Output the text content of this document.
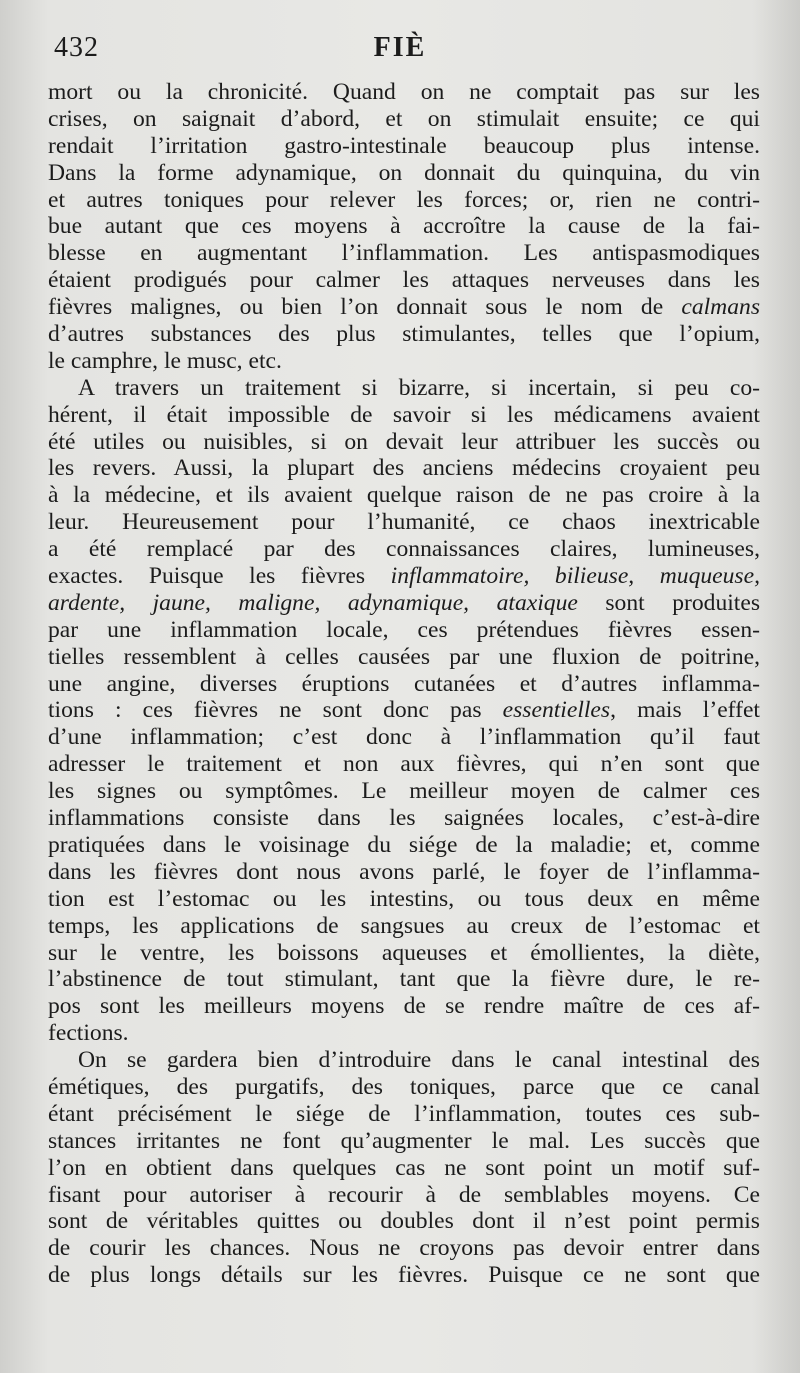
432	FIÈ
mort ou la chronicité. Quand on ne comptait pas sur les
crises, on saignait d’abord, et on stimulait ensuite; ce qui
rendait l’irritation gastro-intestinale beaucoup plus intense.
Dans la forme adynamique, on donnait du quinquina, du vin
et autres toniques pour relever les forces; or, rien ne contri-
bue autant que ces moyens à accroître la cause de la fai-
blesse en augmentant l’inflammation. Les antispasmodiques
étaient prodigués pour calmer les attaques nerveuses dans les
fièvres malignes, ou bien l’on donnait sous le nom de calmans
d’autres substances des plus stimulantes, telles que l’opium,
le camphre, le musc, etc.
A travers un traitement si bizarre, si incertain, si peu co-
hérent, il était impossible de savoir si les médicamens avaient
été utiles ou nuisibles, si on devait leur attribuer les succès ou
les revers. Aussi, la plupart des anciens médecins croyaient peu
à la médecine, et ils avaient quelque raison de ne pas croire à la
leur. Heureusement pour l’humanité, ce chaos inextricable
a été remplacé par des connaissances claires, lumineuses,
exactes. Puisque les fièvres inflammatoire, bilieuse, muqueuse,
ardente, jaune, maligne, adynamique, ataxique sont produites
par une inflammation locale, ces prétendues fièvres essen-
tielles ressemblent à celles causées par une fluxion de poitrine,
une angine, diverses éruptions cutanées et d’autres inflamma-
tions : ces fièvres ne sont donc pas essentielles, mais l’effet
d’une inflammation; c’est donc à l’inflammation qu’il faut
adresser le traitement et non aux fièvres, qui n’en sont que
les signes ou symptômes. Le meilleur moyen de calmer ces
inflammations consiste dans les saignées locales, c’est-à-dire
pratiquées dans le voisinage du siége de la maladie; et, comme
dans les fièvres dont nous avons parlé, le foyer de l’inflamma-
tion est l’estomac ou les intestins, ou tous deux en même
temps, les applications de sangsues au creux de l’estomac et
sur le ventre, les boissons aqueuses et émollientes, la diète,
l’abstinence de tout stimulant, tant que la fièvre dure, le re-
pos sont les meilleurs moyens de se rendre maître de ces af-
fections.
On se gardera bien d’introduire dans le canal intestinal des
émétiques, des purgatifs, des toniques, parce que ce canal
étant précisément le siége de l’inflammation, toutes ces sub-
stances irritantes ne font qu’augmenter le mal. Les succès que
l’on en obtient dans quelques cas ne sont point un motif suf-
fisant pour autoriser à recourir à de semblables moyens. Ce
sont de véritables quittes ou doubles dont il n’est point permis
de courir les chances. Nous ne croyons pas devoir entrer dans
de plus longs détails sur les fièvres. Puisque ce ne sont que
